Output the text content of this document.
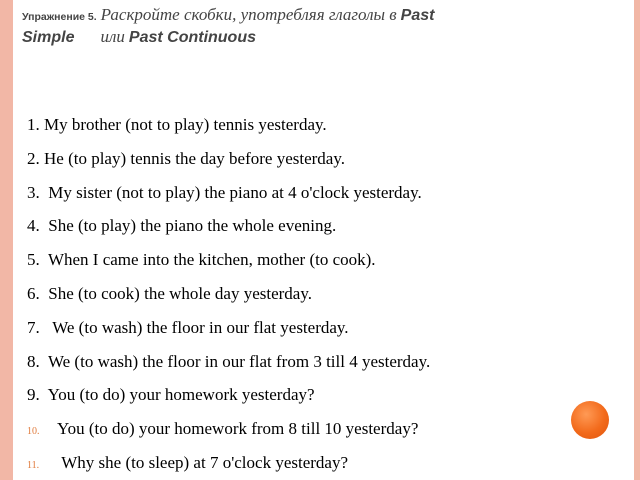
Упражнение 5. Раскройте скобки, употребляя глаголы в Past
Simple или Past Continuous
1. My brother (not to play) tennis yesterday.
2. He (to play) tennis the day before yesterday.
3. My sister (not to play) the piano at 4 o'clock yesterday.
4. She (to play) the piano the whole evening.
5. When I came into the kitchen, mother (to cook).
6. She (to cook) the whole day yesterday.
7. We (to wash) the floor in our flat yesterday.
8. We (to wash) the floor in our flat from 3 till 4 yesterday.
9. You (to do) your homework yesterday?
10. You (to do) your homework from 8 till 10 yesterday?
11. Why she (to sleep) at 7 o'clock yesterday?
